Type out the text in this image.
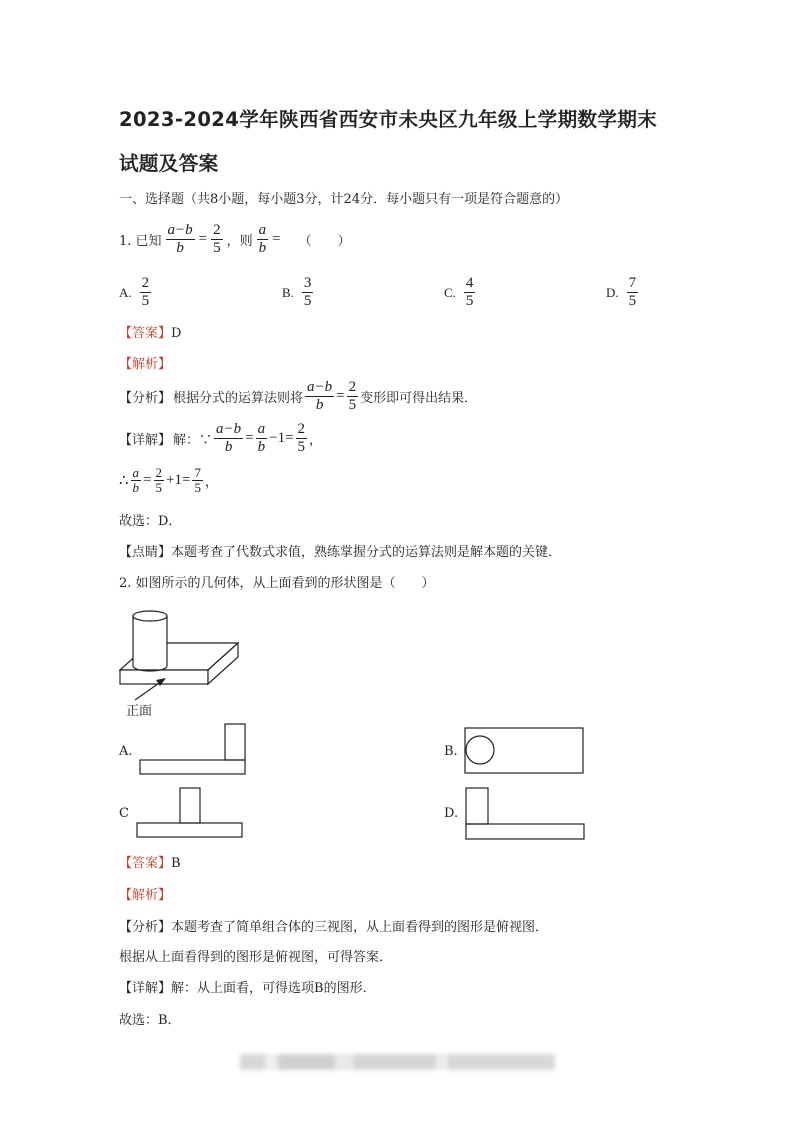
2023-2024学年陕西省西安市未央区九年级上学期数学期末
试题及答案
一、选择题（共8小题，每小题3分，计24分．每小题只有一项是符合题意的）
1. 已知 $\frac{a-b}{b} = \frac{2}{5}$ ，则 $\frac{a}{b}$ = （　　）
A. $\frac{2}{5}$	B. $\frac{3}{5}$	C. $\frac{4}{5}$	D. $\frac{7}{5}$
【答案】D
【解析】
【分析】 根据分式的运算法则将 $\frac{a-b}{b} = \frac{2}{5}$ 变形即可得出结果．
【详解】 解：∵ $\frac{a-b}{b} = \frac{a}{b} -1= \frac{2}{5}$ ，
∴ $\frac{a}{b} = \frac{2}{5} +1= \frac{7}{5}$ ，
故选：D．
【点睛】本题考查了代数式求值，熟练掌握分式的运算法则是解本题的关键．
2. 如图所示的几何体，从上面看到的形状图是（　　）
正面
A.	B.
C	D.
【答案】B
【解析】
【分析】本题考查了简单组合体的三视图，从上面看得到的图形是俯视图．
根据从上面看得到的图形是俯视图，可得答案．
【详解】解：从上面看，可得选项B的图形．
故选：B．
